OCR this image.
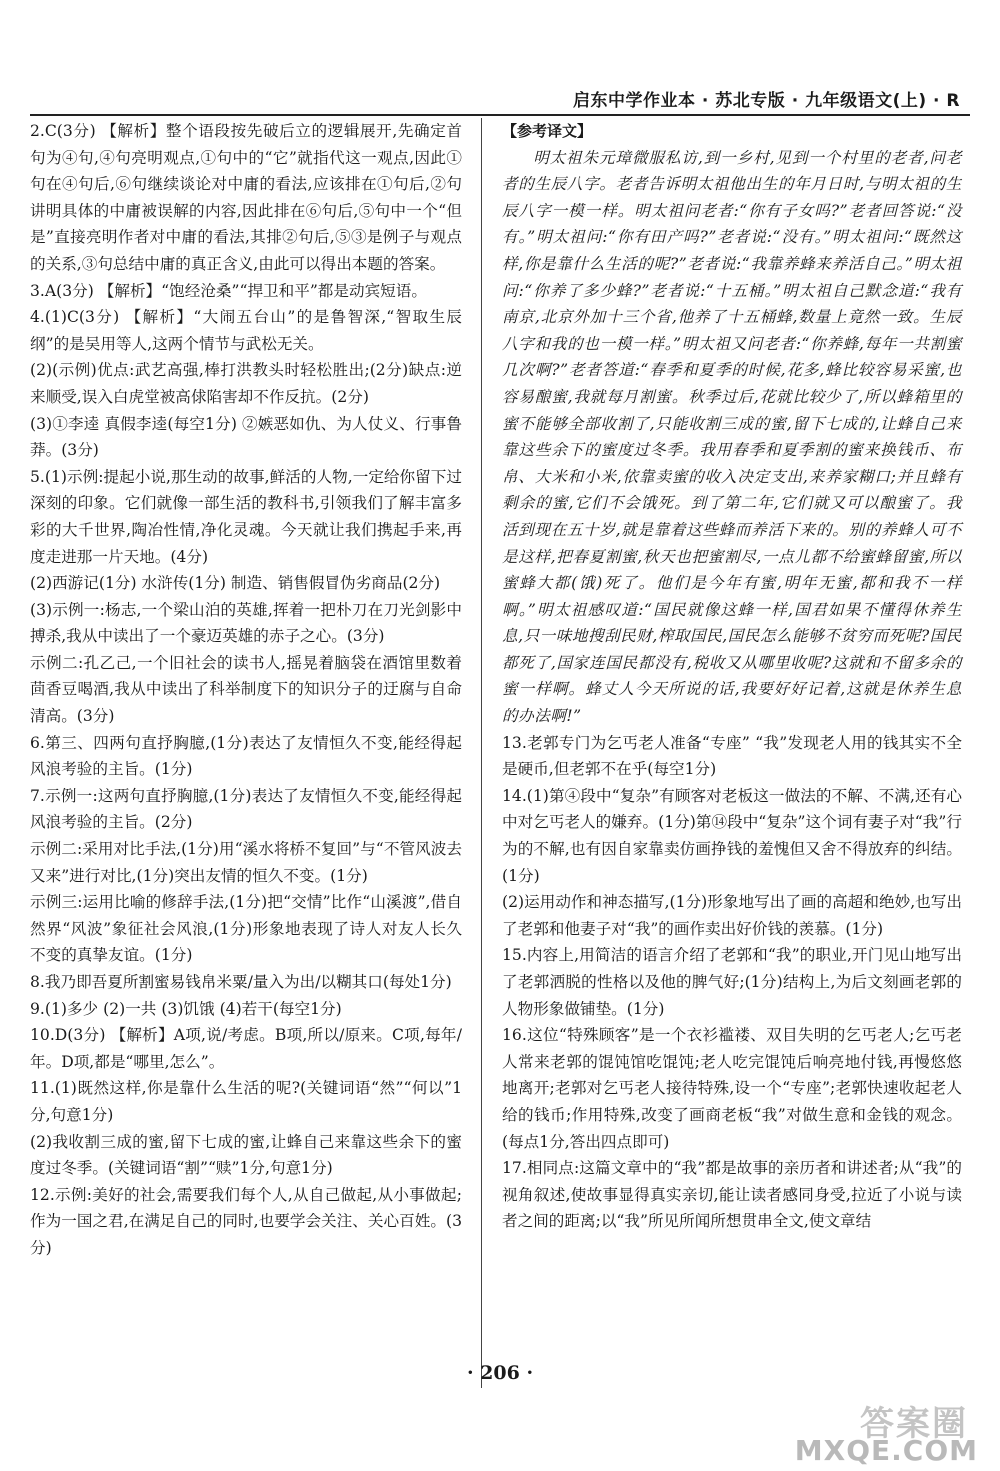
启东中学作业本 · 苏北专版 · 九年级语文(上) · R

2.C(3分) 【解析】整个语段按先破后立的逻辑展开,先确定首句为④句,④句亮明观点,①句中的“它”就指代这一观点,因此①句在④句后,⑥句继续谈论对中庸的看法,应该排在①句后,②句讲明具体的中庸被误解的内容,因此排在⑥句后,⑤句中一个“但是”直接亮明作者对中庸的看法,其排②句后,⑤③是例子与观点的关系,③句总结中庸的真正含义,由此可以得出本题的答案。

3.A(3分) 【解析】“饱经沧桑”“捍卫和平”都是动宾短语。

4.(1)C(3分) 【解析】“大闹五台山”的是鲁智深,“智取生辰纲”的是吴用等人,这两个情节与武松无关。

(2)(示例)优点:武艺高强,棒打洪教头时轻松胜出;(2分)缺点:逆来顺受,误入白虎堂被高俅陷害却不作反抗。(2分)

(3)①李逵 真假李逵(每空1分) ②嫉恶如仇、为人仗义、行事鲁莽。(3分)

5.(1)示例:提起小说,那生动的故事,鲜活的人物,一定给你留下过深刻的印象。它们就像一部生活的教科书,引领我们了解丰富多彩的大千世界,陶冶性情,净化灵魂。今天就让我们携起手来,再度走进那一片天地。(4分)

(2)西游记(1分) 水浒传(1分) 制造、销售假冒伪劣商品(2分)

(3)示例一:杨志,一个梁山泊的英雄,挥着一把朴刀在刀光剑影中搏杀,我从中读出了一个豪迈英雄的赤子之心。(3分)

示例二:孔乙己,一个旧社会的读书人,摇晃着脑袋在酒馆里数着茴香豆喝酒,我从中读出了科举制度下的知识分子的迂腐与自命清高。(3分)

6.第三、四两句直抒胸臆,(1分)表达了友情恒久不变,能经得起风浪考验的主旨。(1分)

7.示例一:这两句直抒胸臆,(1分)表达了友情恒久不变,能经得起风浪考验的主旨。(2分)

示例二:采用对比手法,(1分)用“溪水将桥不复回”与“不管风波去又来”进行对比,(1分)突出友情的恒久不变。(1分)

示例三:运用比喻的修辞手法,(1分)把“交情”比作“山溪渡”,借自然界“风波”象征社会风浪,(1分)形象地表现了诗人对友人长久不变的真挚友谊。(1分)

8.我乃即吾夏所割蜜易钱帛米粟/量入为出/以糊其口(每处1分)

9.(1)多少 (2)一共 (3)饥饿 (4)若干(每空1分)

10.D(3分) 【解析】A项,说/考虑。B项,所以/原来。C项,每年/年。D项,都是“哪里,怎么”。

11.(1)既然这样,你是靠什么生活的呢?(关键词语“然”“何以”1分,句意1分)

(2)我收割三成的蜜,留下七成的蜜,让蜂自己来靠这些余下的蜜度过冬季。(关键词语“割”“赎”1分,句意1分)

12.示例:美好的社会,需要我们每个人,从自己做起,从小事做起;作为一国之君,在满足自己的同时,也要学会关注、关心百姓。(3分)

【参考译文】

明太祖朱元璋微服私访,到一乡村,见到一个村里的老者,问老者的生辰八字。老者告诉明太祖他出生的年月日时,与明太祖的生辰八字一模一样。明太祖问老者:“你有子女吗?”老者回答说:“没有。”明太祖问:“你有田产吗?”老者说:“没有。”明太祖问:“既然这样,你是靠什么生活的呢?”老者说:“我靠养蜂来养活自己。”明太祖问:“你养了多少蜂?”老者说:“十五桶。”明太祖自己默念道:“我有南京,北京外加十三个省,他养了十五桶蜂,数量上竟然一致。生辰八字和我的也一模一样。”明太祖又问老者:“你养蜂,每年一共割蜜几次啊?”老者答道:“春季和夏季的时候,花多,蜂比较容易采蜜,也容易酿蜜,我就每月割蜜。秋季过后,花就比较少了,所以蜂箱里的蜜不能够全部收割了,只能收割三成的蜜,留下七成的,让蜂自己来靠这些余下的蜜度过冬季。我用春季和夏季割的蜜来换钱币、布帛、大米和小米,依靠卖蜜的收入决定支出,来养家糊口;并且蜂有剩余的蜜,它们不会饿死。到了第二年,它们就又可以酿蜜了。我活到现在五十岁,就是靠着这些蜂而养活下来的。别的养蜂人可不是这样,把春夏割蜜,秋天也把蜜割尽,一点儿都不给蜜蜂留蜜,所以蜜蜂大都(饿)死了。他们是今年有蜜,明年无蜜,都和我不一样啊。”明太祖感叹道:“国民就像这蜂一样,国君如果不懂得休养生息,只一味地搜刮民财,榨取国民,国民怎么能够不贫穷而死呢?国民都死了,国家连国民都没有,税收又从哪里收呢?这就和不留多余的蜜一样啊。蜂丈人今天所说的话,我要好好记着,这就是休养生息的办法啊!”

13.老郭专门为乞丐老人准备“专座” “我”发现老人用的钱其实不全是硬币,但老郭不在乎(每空1分)

14.(1)第④段中“复杂”有顾客对老板这一做法的不解、不满,还有心中对乞丐老人的嫌弃。(1分)第⑭段中“复杂”这个词有妻子对“我”行为的不解,也有因自家靠卖仿画挣钱的羞愧但又舍不得放弃的纠结。(1分)

(2)运用动作和神态描写,(1分)形象地写出了画的高超和绝妙,也写出了老郭和他妻子对“我”的画作卖出好价钱的羡慕。(1分)

15.内容上,用简洁的语言介绍了老郭和“我”的职业,开门见山地写出了老郭洒脱的性格以及他的脾气好;(1分)结构上,为后文刻画老郭的人物形象做铺垫。(1分)

16.这位“特殊顾客”是一个衣衫褴褛、双目失明的乞丐老人;乞丐老人常来老郭的馄饨馆吃馄饨;老人吃完馄饨后响亮地付钱,再慢悠悠地离开;老郭对乞丐老人接待特殊,设一个“专座”;老郭快速收起老人给的钱币;作用特殊,改变了画商老板“我”对做生意和金钱的观念。(每点1分,答出四点即可)

17.相同点:这篇文章中的“我”都是故事的亲历者和讲述者;从“我”的视角叙述,使故事显得真实亲切,能让读者感同身受,拉近了小说与读者之间的距离;以“我”所见所闻所想贯串全文,使文章结

· 206 ·
答案圈
MXQE.COM
